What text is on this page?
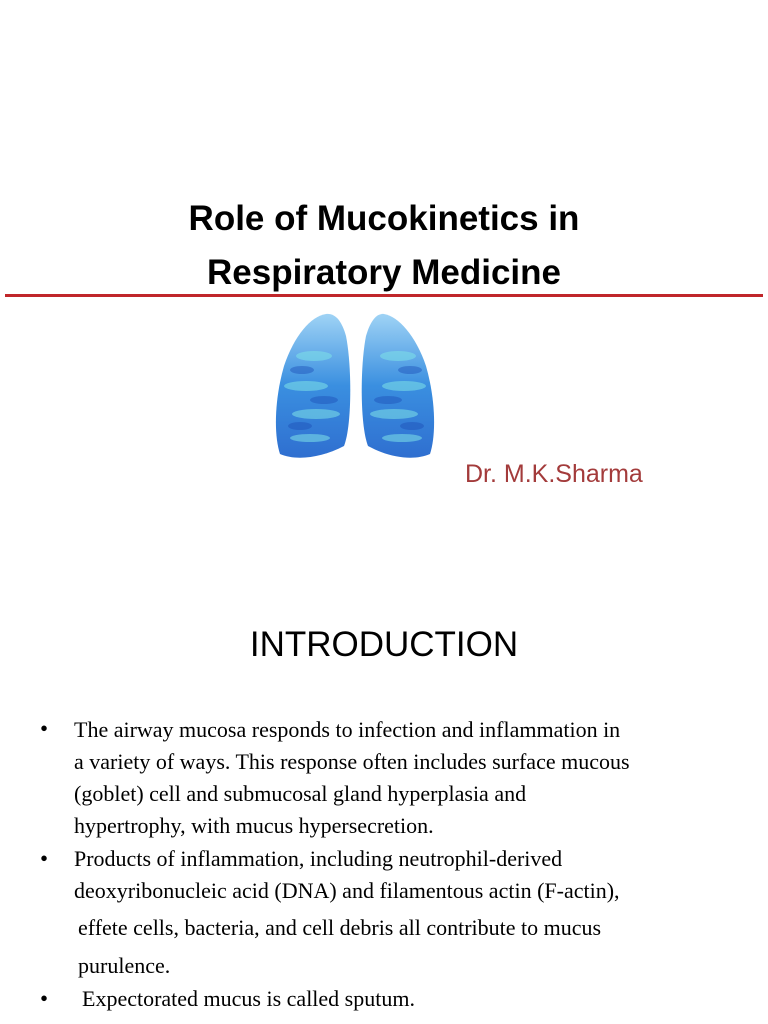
Role of Mucokinetics in
Respiratory Medicine
Dr. M.K.Sharma
INTRODUCTION
• The airway mucosa responds to infection and inflammation in
a variety of ways. This response often includes surface mucous
(goblet) cell and submucosal gland hyperplasia and
hypertrophy, with mucus hypersecretion.
• Products of inflammation, including neutrophil-derived
deoxyribonucleic acid (DNA) and filamentous actin (F-actin),
effete cells, bacteria, and cell debris all contribute to mucus
purulence.
• Expectorated mucus is called sputum.
